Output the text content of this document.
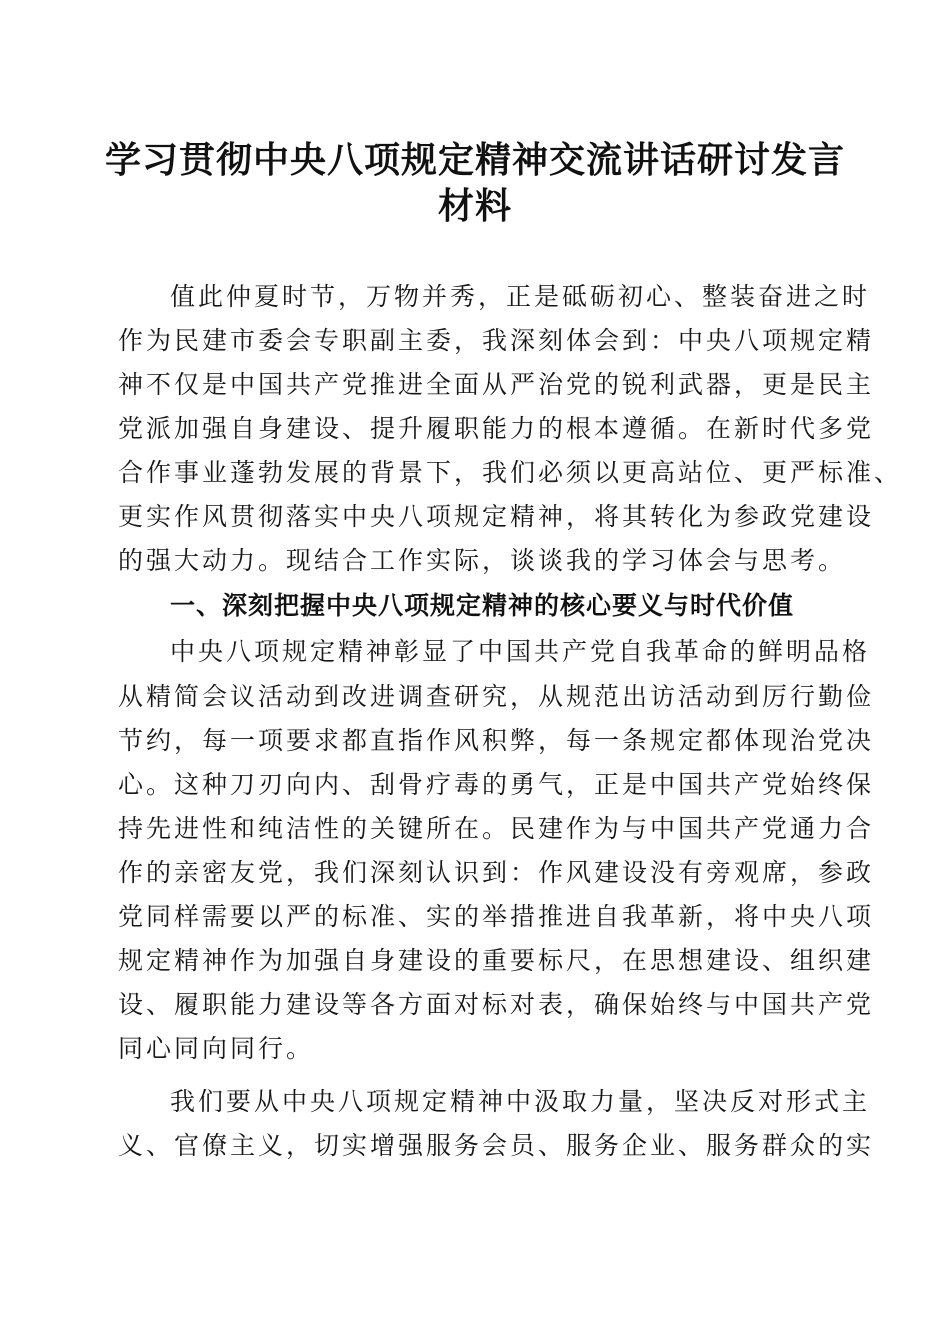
学习贯彻中央八项规定精神交流讲话研讨发言
材料
值此仲夏时节，万物并秀，正是砥砺初心、整装奋进之时
作为民建市委会专职副主委，我深刻体会到：中央八项规定精
神不仅是中国共产党推进全面从严治党的锐利武器，更是民主
党派加强自身建设、提升履职能力的根本遵循。在新时代多党
合作事业蓬勃发展的背景下，我们必须以更高站位、更严标准、
更实作风贯彻落实中央八项规定精神，将其转化为参政党建设
的强大动力。现结合工作实际，谈谈我的学习体会与思考。
一、深刻把握中央八项规定精神的核心要义与时代价值
中央八项规定精神彰显了中国共产党自我革命的鲜明品格
从精简会议活动到改进调查研究，从规范出访活动到厉行勤俭
节约，每一项要求都直指作风积弊，每一条规定都体现治党决
心。这种刀刃向内、刮骨疗毒的勇气，正是中国共产党始终保
持先进性和纯洁性的关键所在。民建作为与中国共产党通力合
作的亲密友党，我们深刻认识到：作风建设没有旁观席，参政
党同样需要以严的标准、实的举措推进自我革新，将中央八项
规定精神作为加强自身建设的重要标尺，在思想建设、组织建
设、履职能力建设等各方面对标对表，确保始终与中国共产党
同心同向同行。
我们要从中央八项规定精神中汲取力量，坚决反对形式主
义、官僚主义，切实增强服务会员、服务企业、服务群众的实
